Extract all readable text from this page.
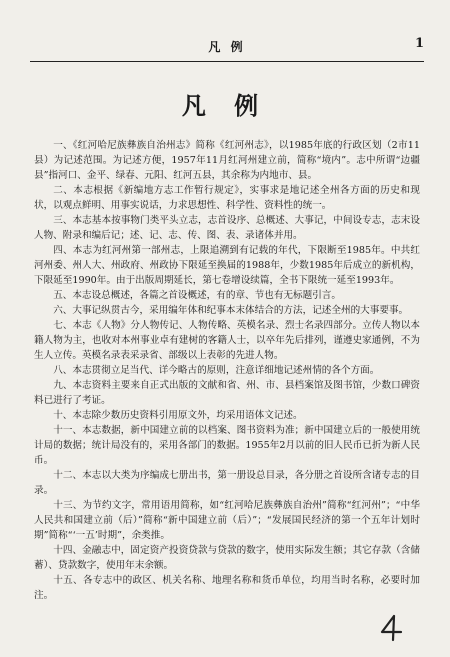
凡 例	1
凡 例

一、《红河哈尼族彝族自治州志》简称《红河州志》，以1985年底的行政区划（2市11县）为记述范围。为记述方便，1957年11月红河州建立前，简称“境内”。志中所谓“边疆县”指河口、金平、绿春、元阳、红河五县，其余称为内地市、县。

二、本志根据《新编地方志工作暂行规定》，实事求是地记述全州各方面的历史和现状，以观点鲜明、用事实说话，力求思想性、科学性、资料性的统一。

三、本志基本按事物门类平头立志，志首设序、总概述、大事记，中间设专志，志末设人物、附录和编后记；述、记、志、传、图、表、录诸体并用。

四、本志为红河州第一部州志，上限追溯到有记载的年代，下限断至1985年。中共红河州委、州人大、州政府、州政协下限延至换届的1988年，少数1985年后成立的新机构，下限延至1990年。由于出版周期延长，第七卷增设续篇，全书下限统一延至1993年。

五、本志设总概述，各篇之首设概述，有的章、节也有无标题引言。

六、大事记纵贯古今，采用编年体和纪事本末体结合的方法，记述全州的大事要事。

七、本志《人物》分人物传记、人物传略、英模名录、烈士名录四部分。立传人物以本籍人物为主，也收对本州事业卓有建树的客籍人士，以卒年先后排列，谨遵史家通例，不为生人立传。英模名录表采录省、部级以上表彰的先进人物。

八、本志贯彻立足当代、详今略古的原则，注意详细地记述州情的各个方面。

九、本志资料主要来自正式出版的文献和省、州、市、县档案馆及图书馆，少数口碑资料已进行了考证。

十、本志除少数历史资料引用原文外，均采用语体文记述。

十一、本志数据，新中国建立前的以档案、图书资料为准；新中国建立后的一般使用统计局的数据；统计局没有的，采用各部门的数据。1955年2月以前的旧人民币已折为新人民币。

十二、本志以大类为序编成七册出书，第一册设总目录，各分册之首设所含诸专志的目录。

十三、为节约文字，常用语用简称，如“红河哈尼族彝族自治州”简称“红河州”；“中华人民共和国建立前（后）”简称“新中国建立前（后）”；“发展国民经济的第一个五年计划时期”简称“‘一五’时期”，余类推。

十四、金融志中，固定资产投资贷款与贷款的数字，使用实际发生额；其它存款（含储蓄）、贷款数字，使用年末余额。

十五、各专志中的政区、机关名称、地理名称和货币单位，均用当时名称，必要时加注。
